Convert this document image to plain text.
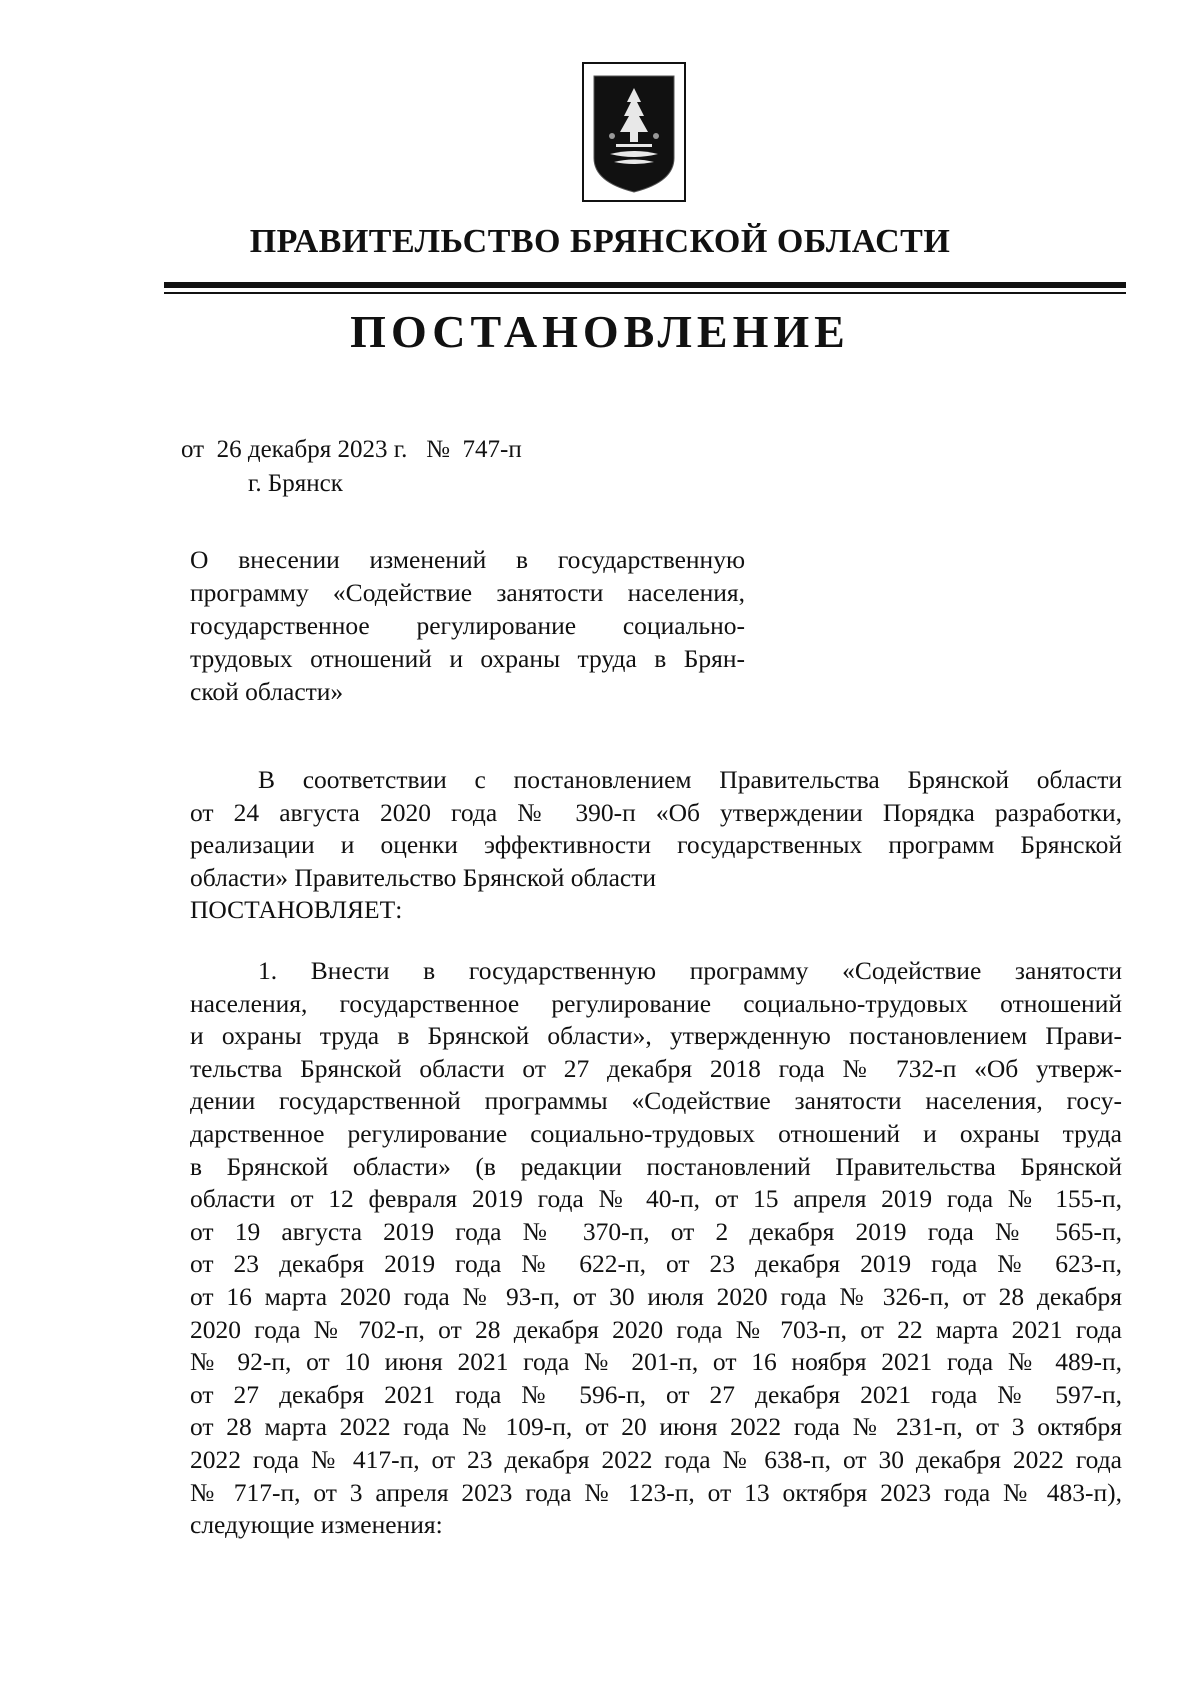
ПРАВИТЕЛЬСТВО БРЯНСКОЙ ОБЛАСТИ
ПОСТАНОВЛЕНИЕ
от  26 декабря 2023 г.   №  747-п
г. Брянск
О внесении изменений в государственную
программу «Содействие занятости населения,
государственное регулирование социально-
трудовых отношений и охраны труда в Брян-
ской области»
В соответствии с постановлением Правительства Брянской области
от 24 августа 2020 года № 390-п «Об утверждении Порядка разработки,
реализации и оценки эффективности государственных программ Брянской
области» Правительство Брянской области
ПОСТАНОВЛЯЕТ:
1. Внести в государственную программу «Содействие занятости
населения, государственное регулирование социально-трудовых отношений
и охраны труда в Брянской области», утвержденную постановлением Прави-
тельства Брянской области от 27 декабря 2018 года № 732-п «Об утверж-
дении государственной программы «Содействие занятости населения, госу-
дарственное регулирование социально-трудовых отношений и охраны труда
в Брянской области» (в редакции постановлений Правительства Брянской
области от 12 февраля 2019 года № 40-п, от 15 апреля 2019 года № 155-п,
от 19 августа 2019 года № 370-п, от 2 декабря 2019 года № 565-п,
от 23 декабря 2019 года № 622-п, от 23 декабря 2019 года № 623-п,
от 16 марта 2020 года № 93-п, от 30 июля 2020 года № 326-п, от 28 декабря
2020 года № 702-п, от 28 декабря 2020 года № 703-п, от 22 марта 2021 года
№ 92-п, от 10 июня 2021 года № 201-п, от 16 ноября 2021 года № 489-п,
от 27 декабря 2021 года № 596-п, от 27 декабря 2021 года № 597-п,
от 28 марта 2022 года № 109-п, от 20 июня 2022 года № 231-п, от 3 октября
2022 года № 417-п, от 23 декабря 2022 года № 638-п, от 30 декабря 2022 года
№ 717-п, от 3 апреля 2023 года № 123-п, от 13 октября 2023 года № 483-п),
следующие изменения:
